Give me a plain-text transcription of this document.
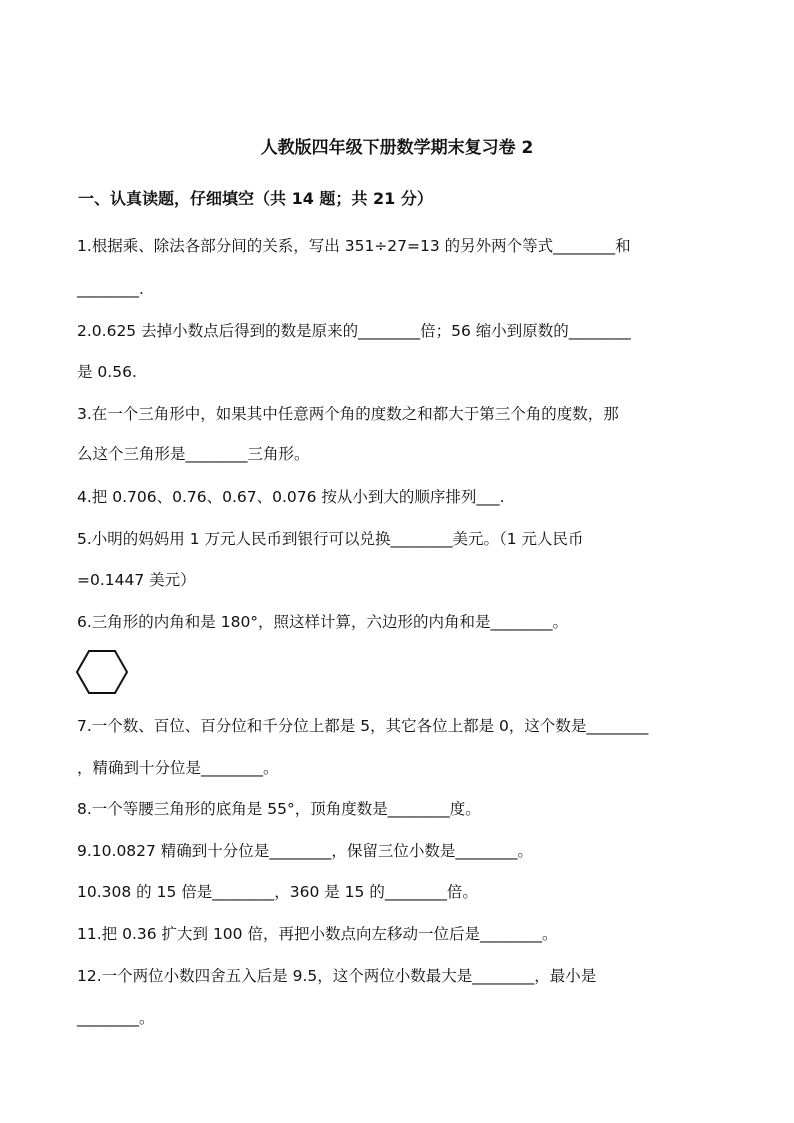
人教版四年级下册数学期末复习卷 2
一、认真读题，仔细填空（共 14 题；共 21 分）
1.根据乘、除法各部分间的关系，写出 351÷27=13 的另外两个等式________和
________.
2.0.625 去掉小数点后得到的数是原来的________倍；56 缩小到原数的________
是 0.56.
3.在一个三角形中，如果其中任意两个角的度数之和都大于第三个角的度数，那
么这个三角形是________三角形。
4.把 0.706、0.76、0.67、0.076 按从小到大的顺序排列___.
5.小明的妈妈用 1 万元人民币到银行可以兑换________美元。（1 元人民币
=0.1447 美元）
6.三角形的内角和是 180°，照这样计算，六边形的内角和是________。
7.一个数、百位、百分位和千分位上都是 5，其它各位上都是 0，这个数是________
，精确到十分位是________。
8.一个等腰三角形的底角是 55°，顶角度数是________度。
9.10.0827 精确到十分位是________，保留三位小数是________。
10.308 的 15 倍是________，360 是 15 的________倍。
11.把 0.36 扩大到 100 倍，再把小数点向左移动一位后是________。
12.一个两位小数四舍五入后是 9.5，这个两位小数最大是________，最小是
________。
